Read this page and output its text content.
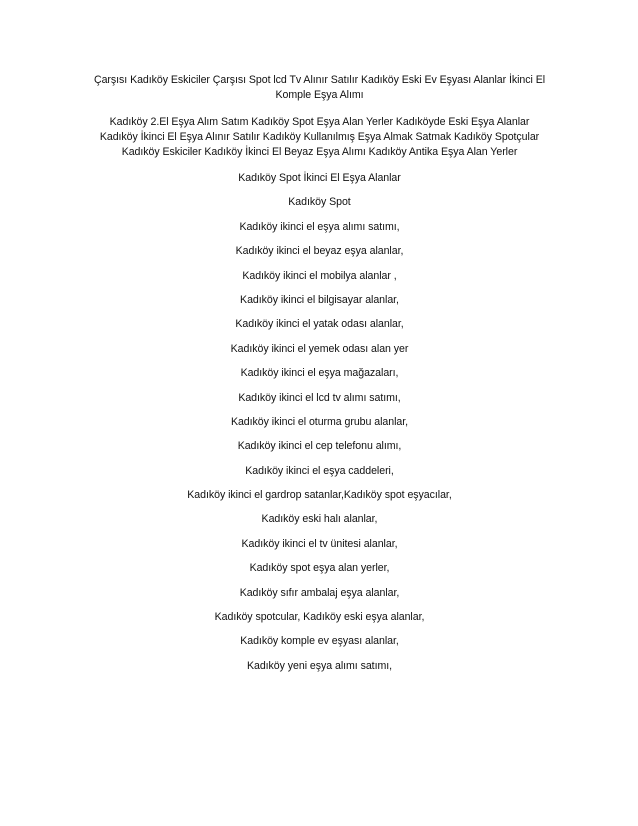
Çarşısı Kadıköy Eskiciler Çarşısı Spot lcd Tv Alınır Satılır Kadıköy Eski Ev Eşyası Alanlar İkinci El Komple Eşya Alımı

Kadıköy 2.El Eşya Alım Satım Kadıköy Spot Eşya Alan Yerler Kadıköyde Eski Eşya Alanlar Kadıköy İkinci El Eşya Alınır Satılır Kadıköy Kullanılmış Eşya Almak Satmak Kadıköy Spotçular Kadıköy Eskiciler Kadıköy İkinci El Beyaz Eşya Alımı Kadıköy Antika Eşya Alan Yerler

Kadıköy Spot İkinci El Eşya Alanlar

Kadıköy Spot

Kadıköy ikinci el eşya alımı satımı,

Kadıköy ikinci el beyaz eşya alanlar,

Kadıköy ikinci el mobilya alanlar ,

Kadıköy ikinci el bilgisayar alanlar,

Kadıköy ikinci el yatak odası alanlar,

Kadıköy ikinci el yemek odası alan yer

Kadıköy ikinci el eşya mağazaları,

Kadıköy ikinci el lcd tv alımı satımı,

Kadıköy ikinci el oturma grubu alanlar,

Kadıköy ikinci el cep telefonu alımı,

Kadıköy ikinci el eşya caddeleri,

Kadıköy ikinci el gardrop satanlar,Kadıköy spot eşyacılar,

Kadıköy eski halı alanlar,

Kadıköy ikinci el tv ünitesi alanlar,

Kadıköy spot eşya alan yerler,

Kadıköy sıfır ambalaj eşya alanlar,

Kadıköy spotcular, Kadıköy eski eşya alanlar,

Kadıköy komple ev eşyası alanlar,

Kadıköy yeni eşya alımı satımı,
